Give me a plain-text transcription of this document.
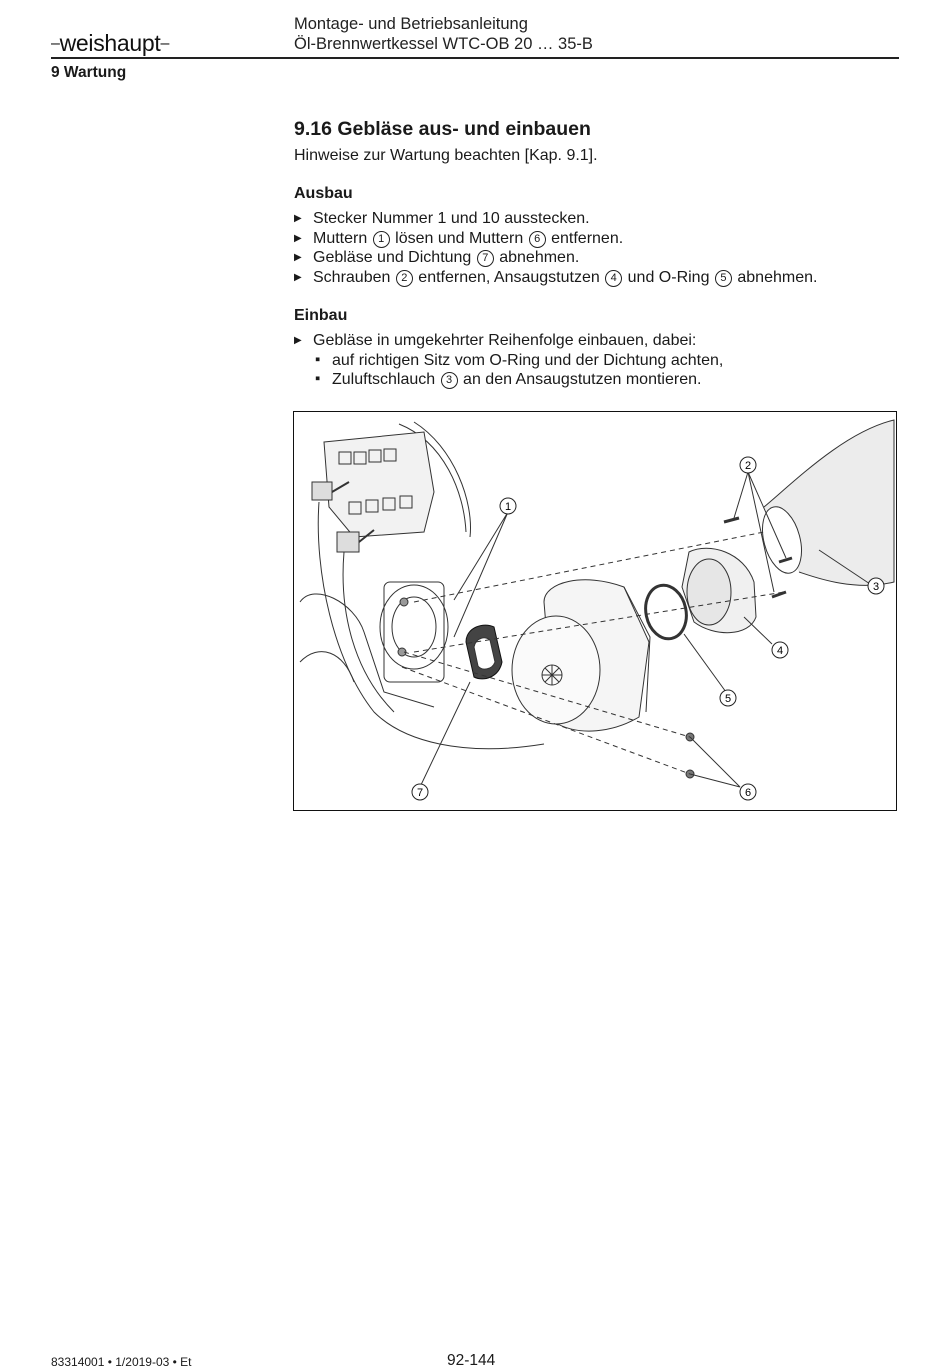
–weishaupt–
Montage- und Betriebsanleitung
Öl-Brennwertkessel WTC-OB 20 … 35-B
9 Wartung
9.16 Gebläse aus- und einbauen
Hinweise zur Wartung beachten [Kap. 9.1].
Ausbau
▶ Stecker Nummer 1 und 10 ausstecken.
▶ Muttern 1 lösen und Muttern 6 entfernen.
▶ Gebläse und Dichtung 7 abnehmen.
▶ Schrauben 2 entfernen, Ansaugstutzen 4 und O-Ring 5 abnehmen.
Einbau
▶ Gebläse in umgekehrter Reihenfolge einbauen, dabei:
▪ auf richtigen Sitz vom O-Ring und der Dichtung achten,
▪ Zuluftschlauch 3 an den Ansaugstutzen montieren.
1
2
3
4
5
6
7
83314001 • 1/2019-03 • Et	92-144
